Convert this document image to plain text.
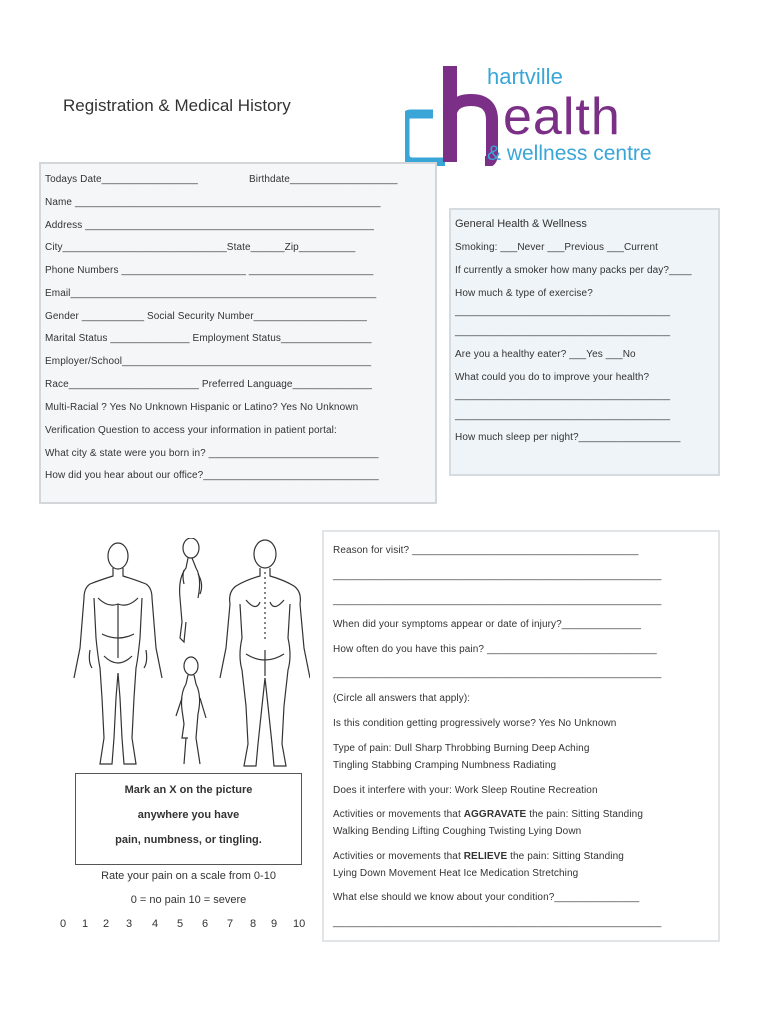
Registration & Medical History
hartville
ealth
& wellness centre
Todays Date_________________	Birthdate___________________
Name ______________________________________________________
Address ___________________________________________________
City_____________________________State______Zip__________
Phone Numbers ______________________ ______________________
Email______________________________________________________
Gender ___________ Social Security Number____________________
Marital Status ______________ Employment Status________________
Employer/School____________________________________________
Race_______________________ Preferred Language______________
Multi-Racial ? Yes No Unknown Hispanic or Latino? Yes No Unknown
Verification Question to access your information in patient portal:
What city & state were you born in? ______________________________
How did you hear about our office?_______________________________
General Health & Wellness
Smoking: ___Never ___Previous ___Current
If currently a smoker how many packs per day?____
How much & type of exercise?
______________________________________
______________________________________
Are you a healthy eater? ___Yes ___No
What could you do to improve your health?
______________________________________
______________________________________
How much sleep per night?__________________
Mark an X on the picture
anywhere you have
pain, numbness, or tingling.
Rate your pain on a scale from 0-10
0 = no pain 10 = severe
0 1 2 3 4 5 6 7 8 9 10
Reason for visit? ________________________________________
__________________________________________________________
__________________________________________________________
When did your symptoms appear or date of injury?______________
How often do you have this pain? ______________________________
__________________________________________________________
(Circle all answers that apply):
Is this condition getting progressively worse? Yes No Unknown
Type of pain: Dull Sharp Throbbing Burning Deep Aching
Tingling Stabbing Cramping Numbness Radiating
Does it interfere with your: Work Sleep Routine Recreation
Activities or movements that AGGRAVATE the pain: Sitting Standing
Walking Bending Lifting Coughing Twisting Lying Down
Activities or movements that RELIEVE the pain: Sitting Standing
Lying Down Movement Heat Ice Medication Stretching
What else should we know about your condition?_______________
__________________________________________________________
